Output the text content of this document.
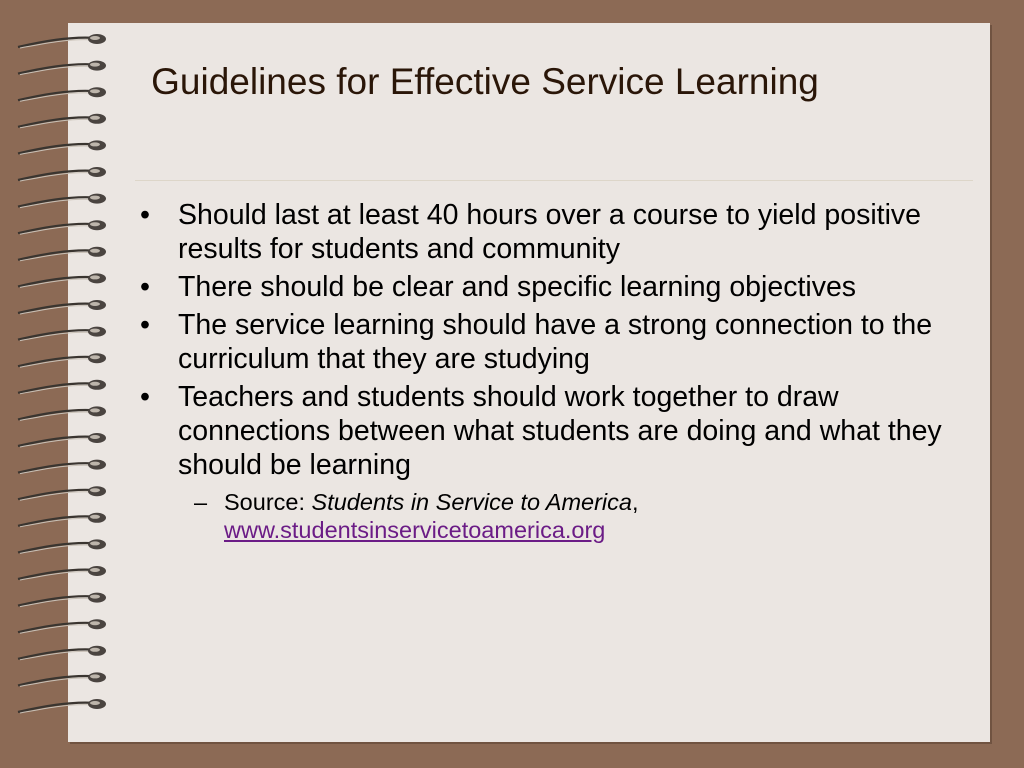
Guidelines for Effective Service Learning
• Should last at least 40 hours over a course to yield positive results for students and community
• There should be clear and specific learning objectives
• The service learning should have a strong connection to the curriculum that they are studying
• Teachers and students should work together to draw connections between what students are doing and what they should be learning
– Source: Students in Service to America,
www.studentsinservicetoamerica.org
